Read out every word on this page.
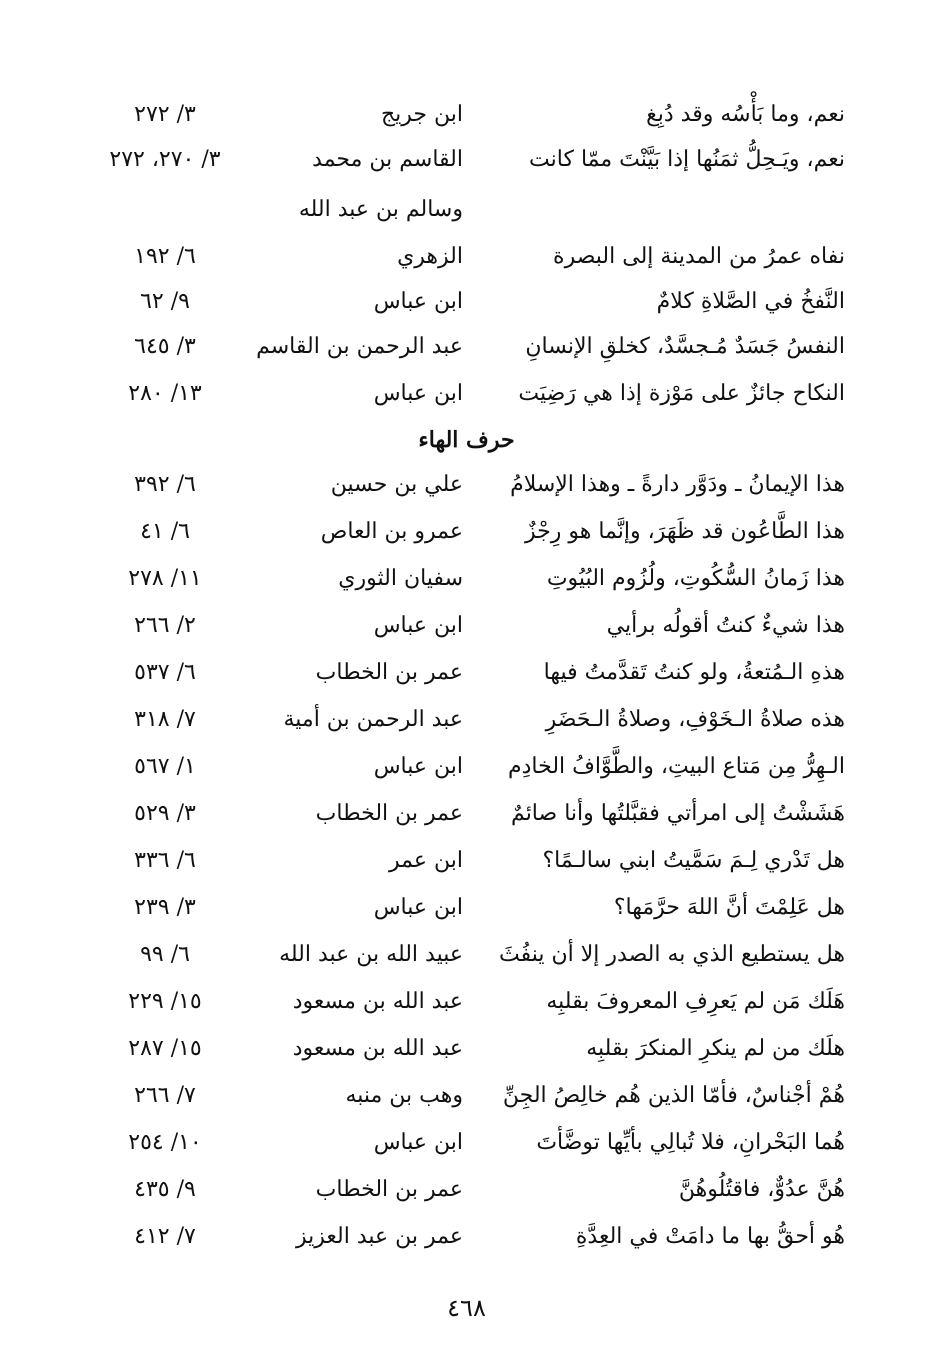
نعم، وما بَأْسُه وقد دُبِغ
ابن جريج
٣/ ٢٧٢
نعم، ويَـحِلُّ ثمَنُها إذا بَيَّنْتَ ممّا كانت
القاسم بن محمد
٣/ ٢٧٠، ٢٧٢
وسالم بن عبد الله
نفاه عمرُ من المدينة إلى البصرة
الزهري
٦/ ١٩٢
النَّفخُ في الصَّلاةِ كلامٌ
ابن عباس
٩/ ٦٢
النفسُ جَسَدٌ مُـجسَّدٌ، كخلقِ الإنسانِ
عبد الرحمن بن القاسم
٣/ ٦٤٥
النكاح جائزٌ على مَوْزة إذا هي رَضِيَت
ابن عباس
١٣/ ٢٨٠
حرف الهاء
هذا الإيمانُ ـ ودَوَّر دارةً ـ وهذا الإسلامُ
علي بن حسين
٦/ ٣٩٢
هذا الطَّاعُون قد ظَهَرَ، وإنَّما هو رِجْزٌ
عمرو بن العاص
٦/ ٤١
هذا زَمانُ السُّكُوتِ، ولُزُوم البُيُوتِ
سفيان الثوري
١١/ ٢٧٨
هذا شيءٌ كنتُ أقولُه برأيي
ابن عباس
٢/ ٢٦٦
هذهِ الـمُتعةُ، ولو كنتُ تَقدَّمتُ فيها
عمر بن الخطاب
٦/ ٥٣٧
هذه صلاةُ الـخَوْفِ، وصلاةُ الـحَضَرِ
عبد الرحمن بن أمية
٧/ ٣١٨
الـهِرُّ مِن مَتاع البيتِ، والطَّوَّافُ الخادِم
ابن عباس
١/ ٥٦٧
هَشَشْتُ إلى امرأتي فقبَّلتُها وأنا صائمٌ
عمر بن الخطاب
٣/ ٥٢٩
هل تَدْري لِـمَ سَمَّيتُ ابني سالـمًا؟
ابن عمر
٦/ ٣٣٦
هل عَلِمْتَ أنَّ اللهَ حرَّمَها؟
ابن عباس
٣/ ٢٣٩
هل يستطيع الذي به الصدر إلا أن ينفُثَ
عبيد الله بن عبد الله
٦/ ٩٩
هَلَك مَن لم يَعرِفِ المعروفَ بقلبِه
عبد الله بن مسعود
١٥/ ٢٢٩
هلَك من لم ينكرِ المنكرَ بقلبِه
عبد الله بن مسعود
١٥/ ٢٨٧
هُمْ أجْناسٌ، فأمّا الذين هُم خالِصُ الجِنِّ
وهب بن منبه
٧/ ٢٦٦
هُما البَحْرانِ، فلا تُبالِي بأيِّها توضَّأتَ
ابن عباس
١٠/ ٢٥٤
هُنَّ عدُوٌّ، فاقتُلُوهُنَّ
عمر بن الخطاب
٩/ ٤٣٥
هُو أحقُّ بها ما دامَتْ في العِدَّةِ
عمر بن عبد العزيز
٧/ ٤١٢
٤٦٨
